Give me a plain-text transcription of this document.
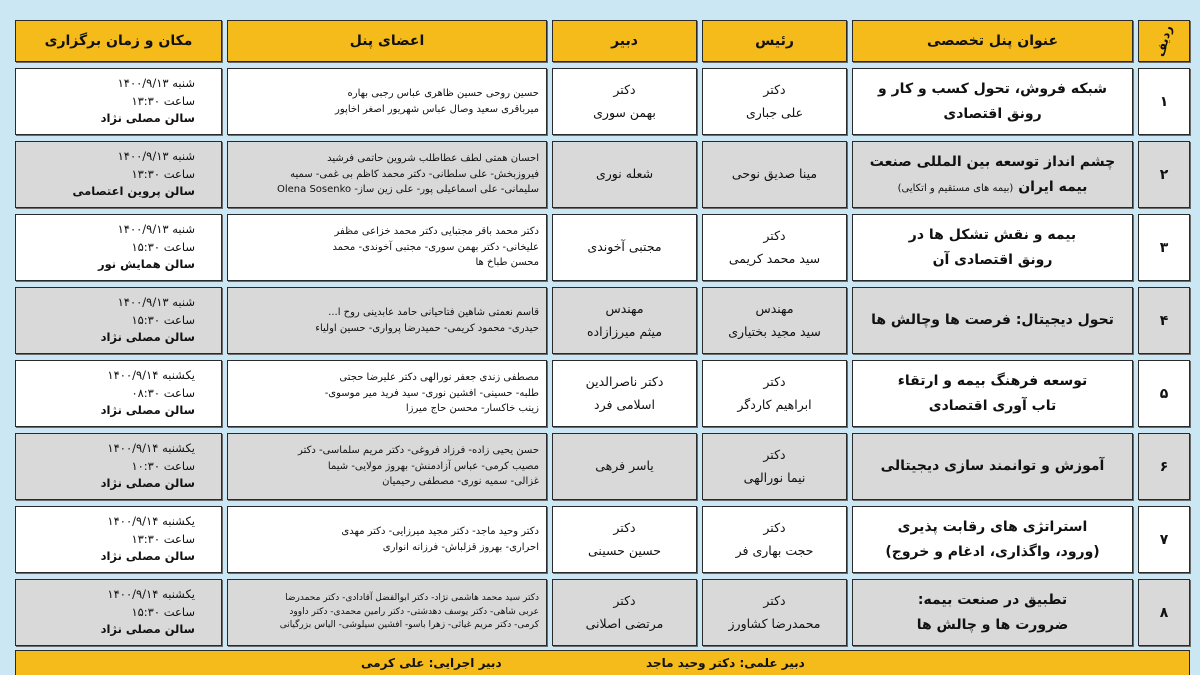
ردیف
عنوان پنل تخصصی
رئیس
دبیر
اعضای پنل
مکان و زمان برگزاری
۱
شبکه فروش، تحول کسب و کار و
رونق اقتصادی
دکتر
علی جباری
دکتر
بهمن سوری
حسین روحی حسین ظاهری عباس رجبی بهاره
میرباقری سعید وصال عباس شهریور اصغر اخاپور
شنبه ۱۴۰۰/۹/۱۳
ساعت ۱۳:۳۰
سالن مصلی نژاد
۲
چشم انداز توسعه بین المللی صنعت
بیمه ایران (بیمه های مستقیم و اتکایی)
مینا صدیق نوحی
شعله نوری
احسان همتی لطف عطاطلب شروین حاتمی فرشید
فیروزبخش- علی سلطانی- دکتر محمد کاظم بی غمی- سمیه
سلیمانی- علی اسماعیلی پور- علی زین ساز- Olena Sosenko
شنبه ۱۴۰۰/۹/۱۳
ساعت ۱۳:۳۰
سالن پروین اعتصامی
۳
بیمه و نقش تشکل ها در
رونق اقتصادی آن
دکتر
سید محمد کریمی
مجتبی آخوندی
دکتر محمد باقر مجتبایی دکتر محمد خزاعی مظفر
علیخانی- دکتر بهمن سوری- مجتبی آخوندی- محمد
محسن طباخ ها
شنبه ۱۴۰۰/۹/۱۳
ساعت ۱۵:۳۰
سالن همایش نور
۴
تحول دیجیتال: فرصت ها وچالش ها
مهندس
سید مجید بختیاری
مهندس
میثم میرزازاده
قاسم نعمتی شاهین فتاحیانی حامد عابدینی روح ا...
حیدری- محمود کریمی- حمیدرضا پرواری- حسین اولیاء
شنبه ۱۴۰۰/۹/۱۳
ساعت ۱۵:۳۰
سالن مصلی نژاد
۵
توسعه فرهنگ بیمه و ارتقاء
تاب آوری اقتصادی
دکتر
ابراهیم کاردگر
دکتر ناصرالدین
اسلامی فرد
مصطفی زندی جعفر نورالهی دکتر علیرضا حجتی
طلبه- حسینی- افشین نوری- سید فرید میر موسوی-
زینب خاکسار- محسن حاج میرزا
یکشنبه ۱۴۰۰/۹/۱۴
ساعت ۰۸:۳۰
سالن مصلی نژاد
۶
آموزش و توانمند سازی دیجیتالی
دکتر
نیما نورالهی
یاسر فرهی
حسن یحیی زاده- فرزاد فروغی- دکتر مریم سلماسی- دکتر
مصیب کرمی- عباس آزادمنش- بهروز مولایی- شیما
غزالی- سمیه نوری- مصطفی رحیمیان
یکشنبه ۱۴۰۰/۹/۱۴
ساعت ۱۰:۳۰
سالن مصلی نژاد
۷
استراتژی های رقابت پذیری
(ورود، واگذاری، ادغام و خروج)
دکتر
حجت بهاری فر
دکتر
حسین حسینی
دکتر وحید ماجد- دکتر مجید میرزایی- دکتر مهدی
احراری- بهروز قزلباش- فرزانه انواری
یکشنبه ۱۴۰۰/۹/۱۴
ساعت ۱۳:۳۰
سالن مصلی نژاد
۸
تطبیق در صنعت بیمه:
ضرورت ها و چالش ها
دکتر
محمدرضا کشاورز
دکتر
مرتضی اصلانی
دکتر سید محمد هاشمی نژاد- دکتر ابوالفضل آقادادی- دکتر محمدرضا
عربی شاهی- دکتر یوسف دهدشتی- دکتر رامین محمدی- دکتر داوود
کرمی- دکتر مریم غیاثی- زهرا باسو- افشین سیلوشی- الیاس بزرگیانی
یکشنبه ۱۴۰۰/۹/۱۴
ساعت ۱۵:۳۰
سالن مصلی نژاد
دبیر علمی: دکتر وحید ماجد
دبیر اجرایی: علی کرمی
